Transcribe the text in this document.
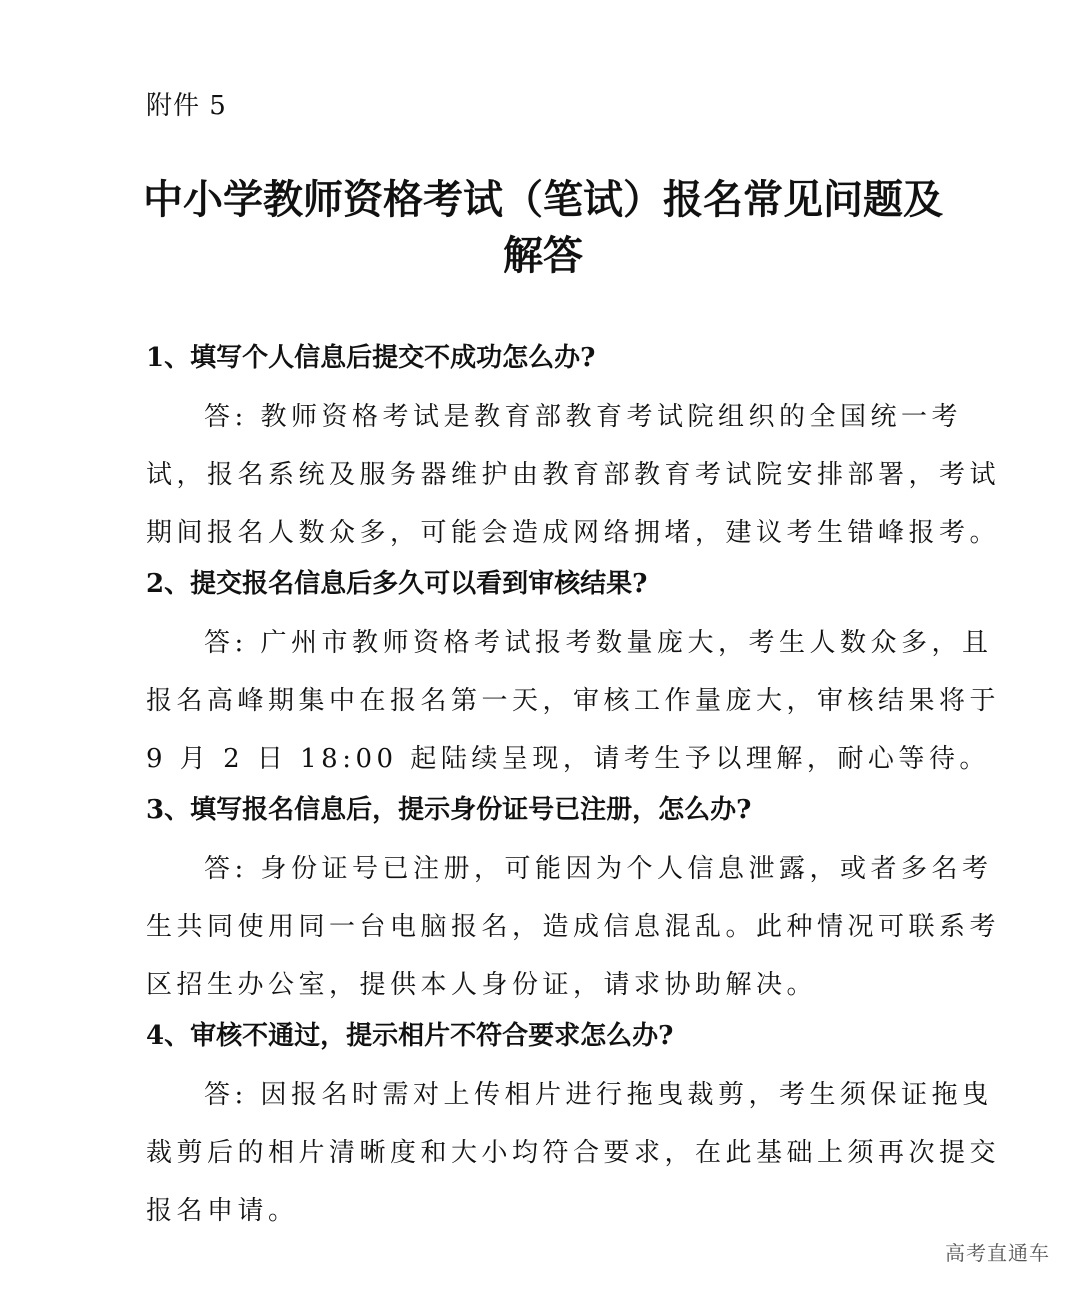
附件 5
中小学教师资格考试（笔试）报名常见问题及
解答

1、填写个人信息后提交不成功怎么办?

答: 教师资格考试是教育部教育考试院组织的全国统一考
试，报名系统及服务器维护由教育部教育考试院安排部署，考试
期间报名人数众多，可能会造成网络拥堵，建议考生错峰报考。

2、提交报名信息后多久可以看到审核结果?

答: 广州市教师资格考试报考数量庞大，考生人数众多，且
报名高峰期集中在报名第一天，审核工作量庞大，审核结果将于
9 月 2 日 18:00 起陆续呈现，请考生予以理解，耐心等待。

3、填写报名信息后，提示身份证号已注册，怎么办?

答: 身份证号已注册，可能因为个人信息泄露，或者多名考
生共同使用同一台电脑报名，造成信息混乱。此种情况可联系考
区招生办公室，提供本人身份证，请求协助解决。

4、审核不通过，提示相片不符合要求怎么办?

答: 因报名时需对上传相片进行拖曳裁剪，考生须保证拖曳
裁剪后的相片清晰度和大小均符合要求，在此基础上须再次提交
报名申请。

高考直通车
